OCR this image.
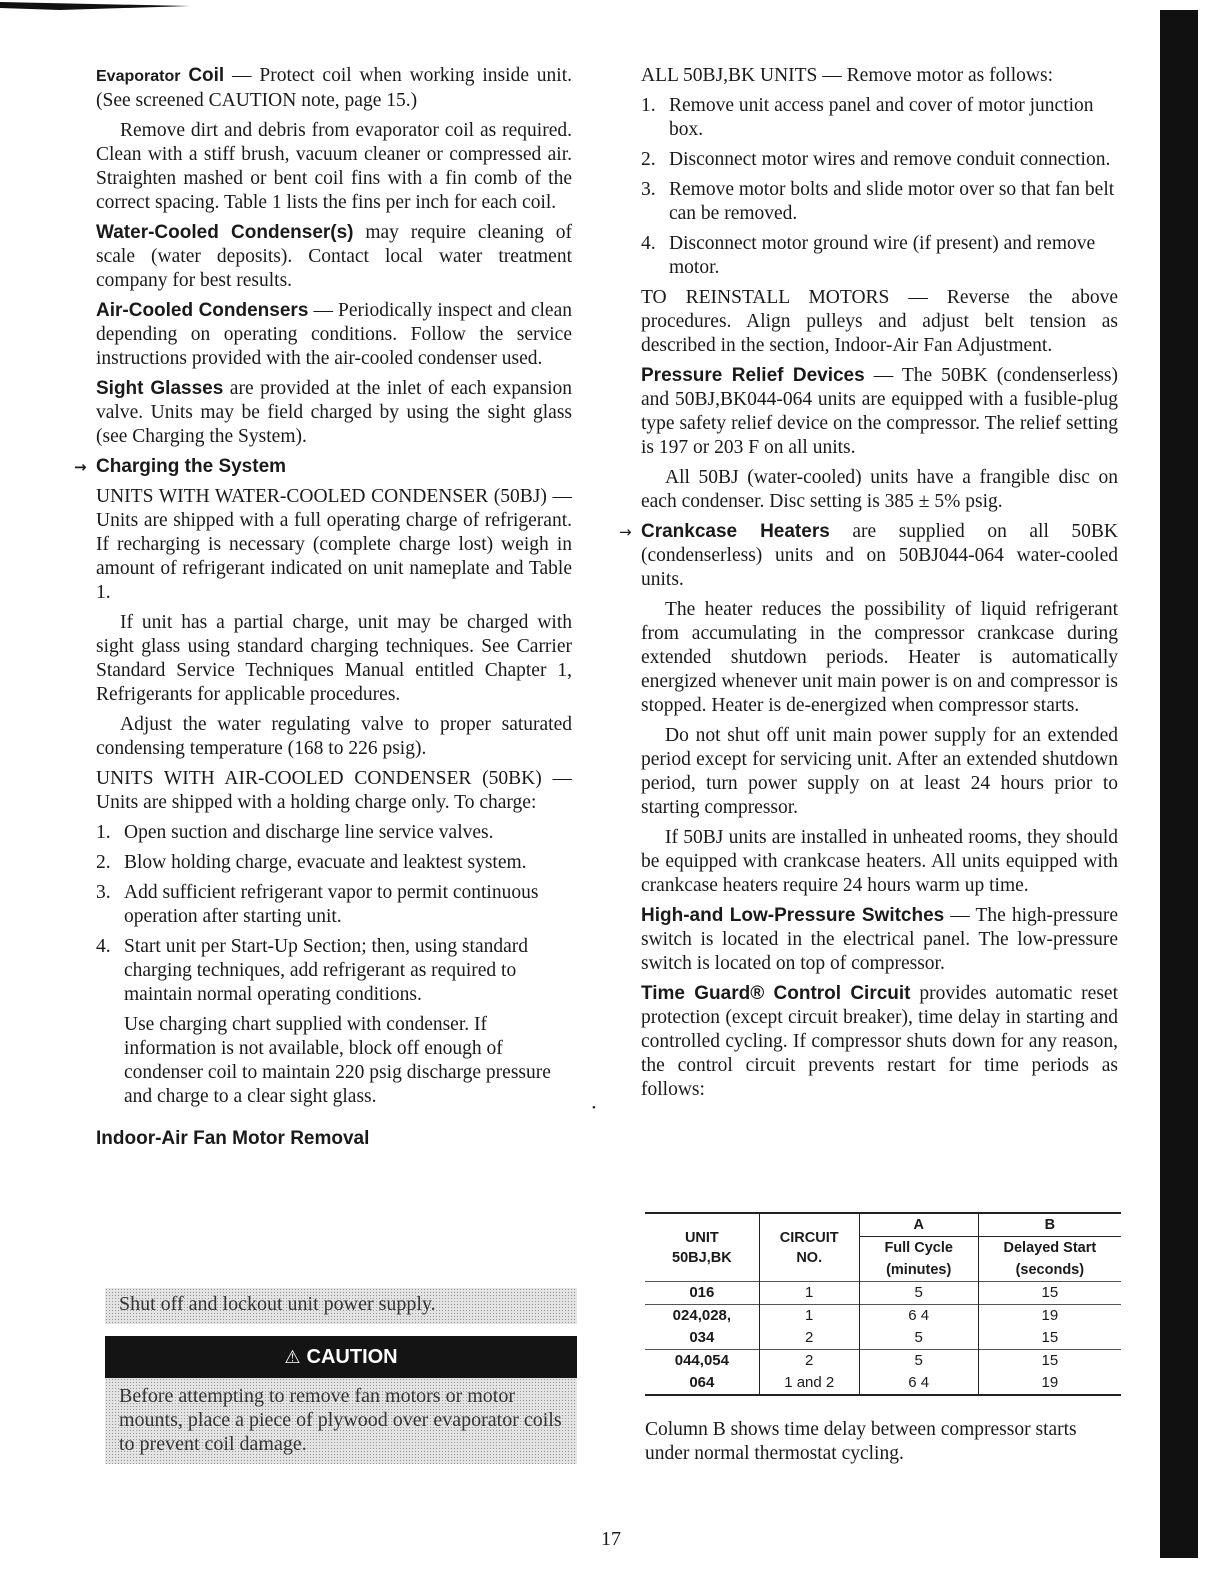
Evaporator Coil — Protect coil when working inside unit. (See screened CAUTION note, page 15.)

Remove dirt and debris from evaporator coil as required. Clean with a stiff brush, vacuum cleaner or compressed air. Straighten mashed or bent coil fins with a fin comb of the correct spacing. Table 1 lists the fins per inch for each coil.

Water-Cooled Condenser(s) may require cleaning of scale (water deposits). Contact local water treatment company for best results.

Air-Cooled Condensers — Periodically inspect and clean depending on operating conditions. Follow the service instructions provided with the air-cooled condenser used.

Sight Glasses are provided at the inlet of each expansion valve. Units may be field charged by using the sight glass (see Charging the System).

→ Charging the System

UNITS WITH WATER-COOLED CONDENSER (50BJ) — Units are shipped with a full operating charge of refrigerant. If recharging is necessary (complete charge lost) weigh in amount of refrigerant indicated on unit nameplate and Table 1.

If unit has a partial charge, unit may be charged with sight glass using standard charging techniques. See Carrier Standard Service Techniques Manual entitled Chapter 1, Refrigerants for applicable procedures.

Adjust the water regulating valve to proper saturated condensing temperature (168 to 226 psig).

UNITS WITH AIR-COOLED CONDENSER (50BK) — Units are shipped with a holding charge only. To charge:

1. Open suction and discharge line service valves.
2. Blow holding charge, evacuate and leaktest system.
3. Add sufficient refrigerant vapor to permit continuous operation after starting unit.
4. Start unit per Start-Up Section; then, using standard charging techniques, add refrigerant as required to maintain normal operating conditions.

Use charging chart supplied with condenser. If information is not available, block off enough of condenser coil to maintain 220 psig discharge pressure and charge to a clear sight glass.

Indoor-Air Fan Motor Removal
Shut off and lockout unit power supply.
⚠ CAUTION
Before attempting to remove fan motors or motor mounts, place a piece of plywood over evaporator coils to prevent coil damage.

ALL 50BJ,BK UNITS — Remove motor as follows:

1. Remove unit access panel and cover of motor junction box.
2. Disconnect motor wires and remove conduit connection.
3. Remove motor bolts and slide motor over so that fan belt can be removed.
4. Disconnect motor ground wire (if present) and remove motor.

TO REINSTALL MOTORS — Reverse the above procedures. Align pulleys and adjust belt tension as described in the section, Indoor-Air Fan Adjustment.

Pressure Relief Devices — The 50BK (condenserless) and 50BJ,BK044-064 units are equipped with a fusible-plug type safety relief device on the compressor. The relief setting is 197 or 203 F on all units.

All 50BJ (water-cooled) units have a frangible disc on each condenser. Disc setting is 385 ± 5% psig.

→ Crankcase Heaters are supplied on all 50BK (condenserless) units and on 50BJ044-064 water-cooled units.

The heater reduces the possibility of liquid refrigerant from accumulating in the compressor crankcase during extended shutdown periods. Heater is automatically energized whenever unit main power is on and compressor is stopped. Heater is de-energized when compressor starts.

Do not shut off unit main power supply for an extended period except for servicing unit. After an extended shutdown period, turn power supply on at least 24 hours prior to starting compressor.

If 50BJ units are installed in unheated rooms, they should be equipped with crankcase heaters. All units equipped with crankcase heaters require 24 hours warm up time.

High-and Low-Pressure Switches — The high-pressure switch is located in the electrical panel. The low-pressure switch is located on top of compressor.

Time Guard® Control Circuit provides automatic reset protection (except circuit breaker), time delay in starting and controlled cycling. If compressor shuts down for any reason, the control circuit prevents restart for time periods as follows:

UNIT
50BJ,BK	CIRCUIT
NO.	A	B
		Full Cycle	Delayed Start
		(minutes)	(seconds)
016	1	5	15
024,028,	1	6 4	19
034	2	5	15
044,054	2	5	15
064	1 and 2	6 4	19
Column B shows time delay between compressor starts under normal thermostat cycling.
•
17
